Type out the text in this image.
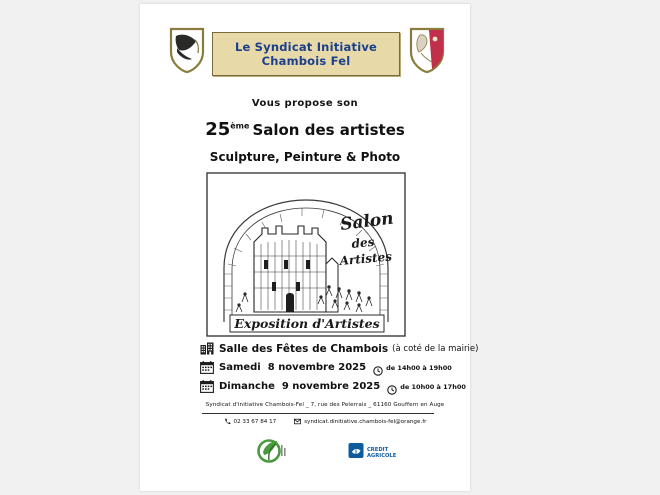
Le Syndicat Initiative
Chambois Fel
Vous propose son
25ème Salon des artistes
Sculpture, Peinture & Photo
Salon
des
Artistes
Exposition d'Artistes
Salle des Fêtes de Chambois (à coté de la mairie)
Samedi 8 novembre 2025	de 14h00 à 19h00
Dimanche 9 novembre 2025	de 10h00 à 17h00
Syndicat d'initiative Chambois-Fel _ 7, rue des Pelerrais _ 61160 Gouffern en Auge
02 33 67 84 17	syndicat.dinitiative.chambois-fel@orange.fr
CREDIT
AGRICOLE
